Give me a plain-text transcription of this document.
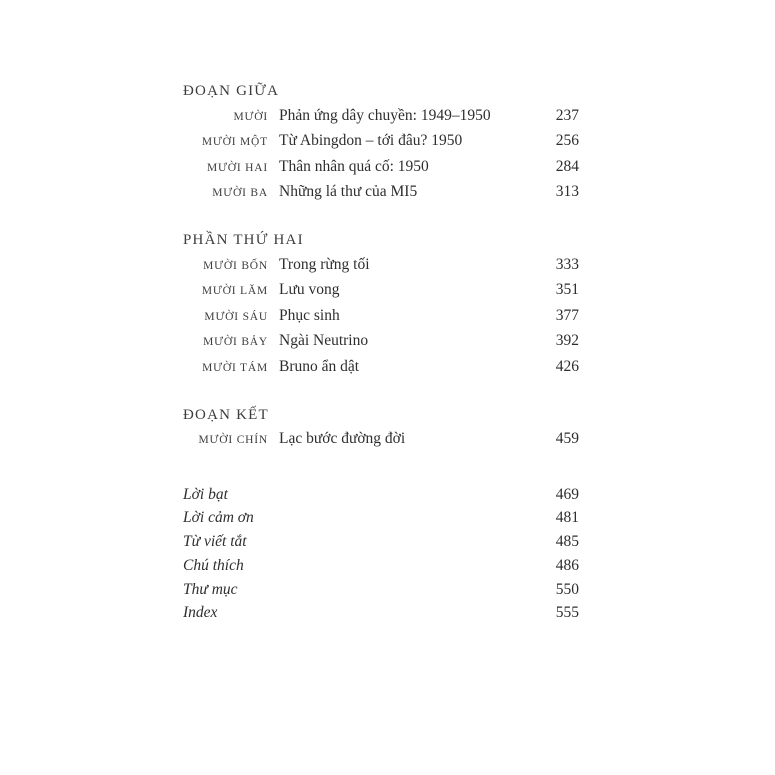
ĐOẠN GIỮA
MƯỜI Phản ứng dây chuyền: 1949–1950	237
MƯỜI MỘT Từ Abingdon – tới đâu? 1950	256
MƯỜI HAI Thân nhân quá cố: 1950	284
MƯỜI BA Những lá thư của MI5	313
PHẦN THỨ HAI
MƯỜI BỐN Trong rừng tối	333
MƯỜI LĂM Lưu vong	351
MƯỜI SÁU Phục sinh	377
MƯỜI BẢY Ngài Neutrino	392
MƯỜI TÁM Bruno ẩn dật	426
ĐOẠN KẾT
MƯỜI CHÍN Lạc bước đường đời	459
Lời bạt	469
Lời cảm ơn	481
Từ viết tắt	485
Chú thích	486
Thư mục	550
Index	555
